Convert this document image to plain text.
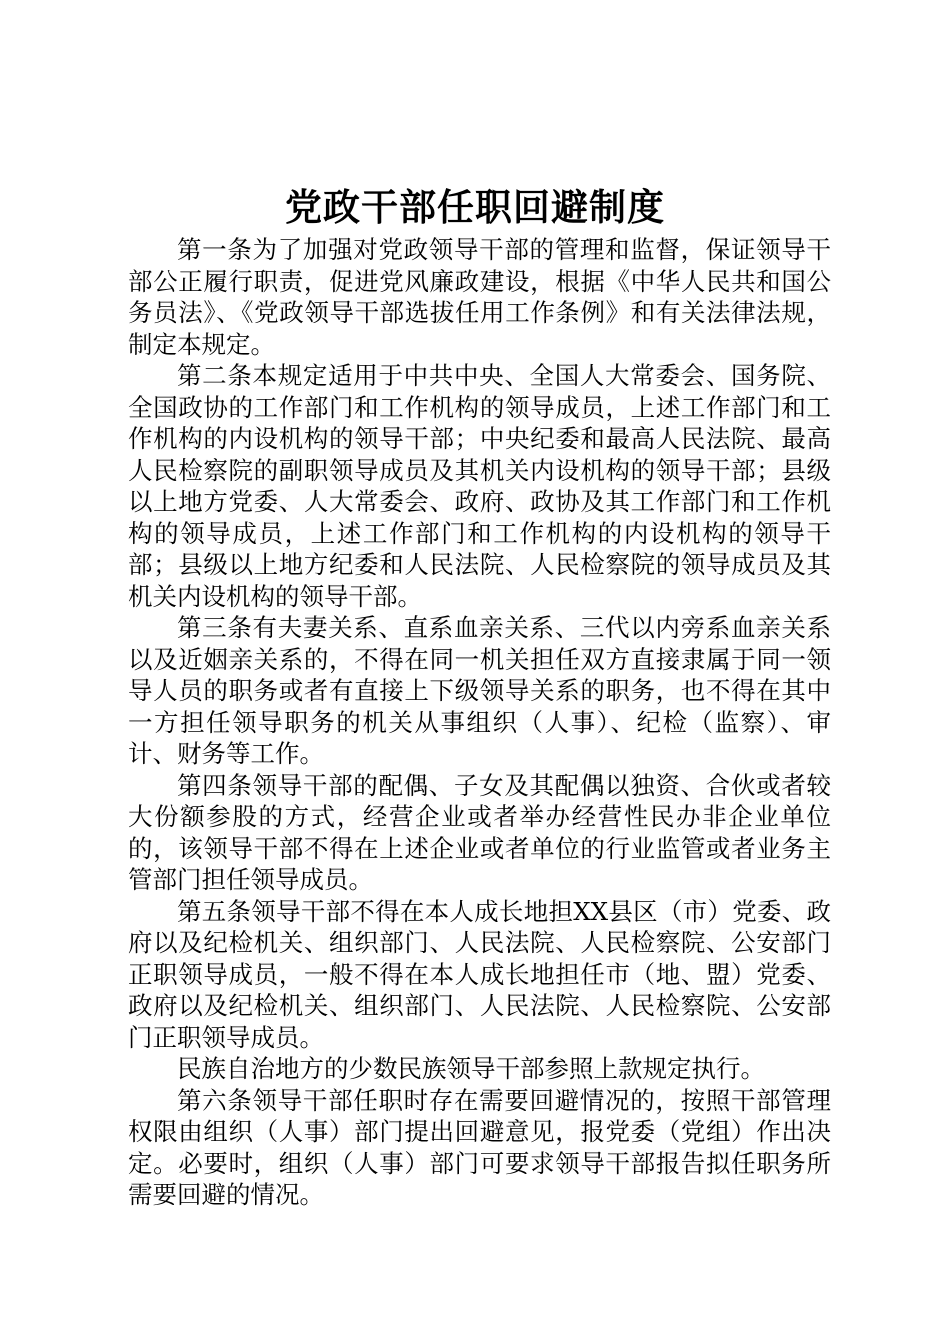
党政干部任职回避制度

第一条为了加强对党政领导干部的管理和监督，保证领导干部公正履行职责，促进党风廉政建设，根据《中华人民共和国公务员法》、《党政领导干部选拔任用工作条例》和有关法律法规，制定本规定。

第二条本规定适用于中共中央、全国人大常委会、国务院、全国政协的工作部门和工作机构的领导成员，上述工作部门和工作机构的内设机构的领导干部；中央纪委和最高人民法院、最高人民检察院的副职领导成员及其机关内设机构的领导干部；县级以上地方党委、人大常委会、政府、政协及其工作部门和工作机构的领导成员，上述工作部门和工作机构的内设机构的领导干部；县级以上地方纪委和人民法院、人民检察院的领导成员及其机关内设机构的领导干部。

第三条有夫妻关系、直系血亲关系、三代以内旁系血亲关系以及近姻亲关系的，不得在同一机关担任双方直接隶属于同一领导人员的职务或者有直接上下级领导关系的职务，也不得在其中一方担任领导职务的机关从事组织（人事）、纪检（监察）、审计、财务等工作。

第四条领导干部的配偶、子女及其配偶以独资、合伙或者较大份额参股的方式，经营企业或者举办经营性民办非企业单位的，该领导干部不得在上述企业或者单位的行业监管或者业务主管部门担任领导成员。

第五条领导干部不得在本人成长地担XX县区（市）党委、政府以及纪检机关、组织部门、人民法院、人民检察院、公安部门正职领导成员，一般不得在本人成长地担任市（地、盟）党委、政府以及纪检机关、组织部门、人民法院、人民检察院、公安部门正职领导成员。

民族自治地方的少数民族领导干部参照上款规定执行。

第六条领导干部任职时存在需要回避情况的，按照干部管理权限由组织（人事）部门提出回避意见，报党委（党组）作出决定。必要时，组织（人事）部门可要求领导干部报告拟任职务所需要回避的情况。
